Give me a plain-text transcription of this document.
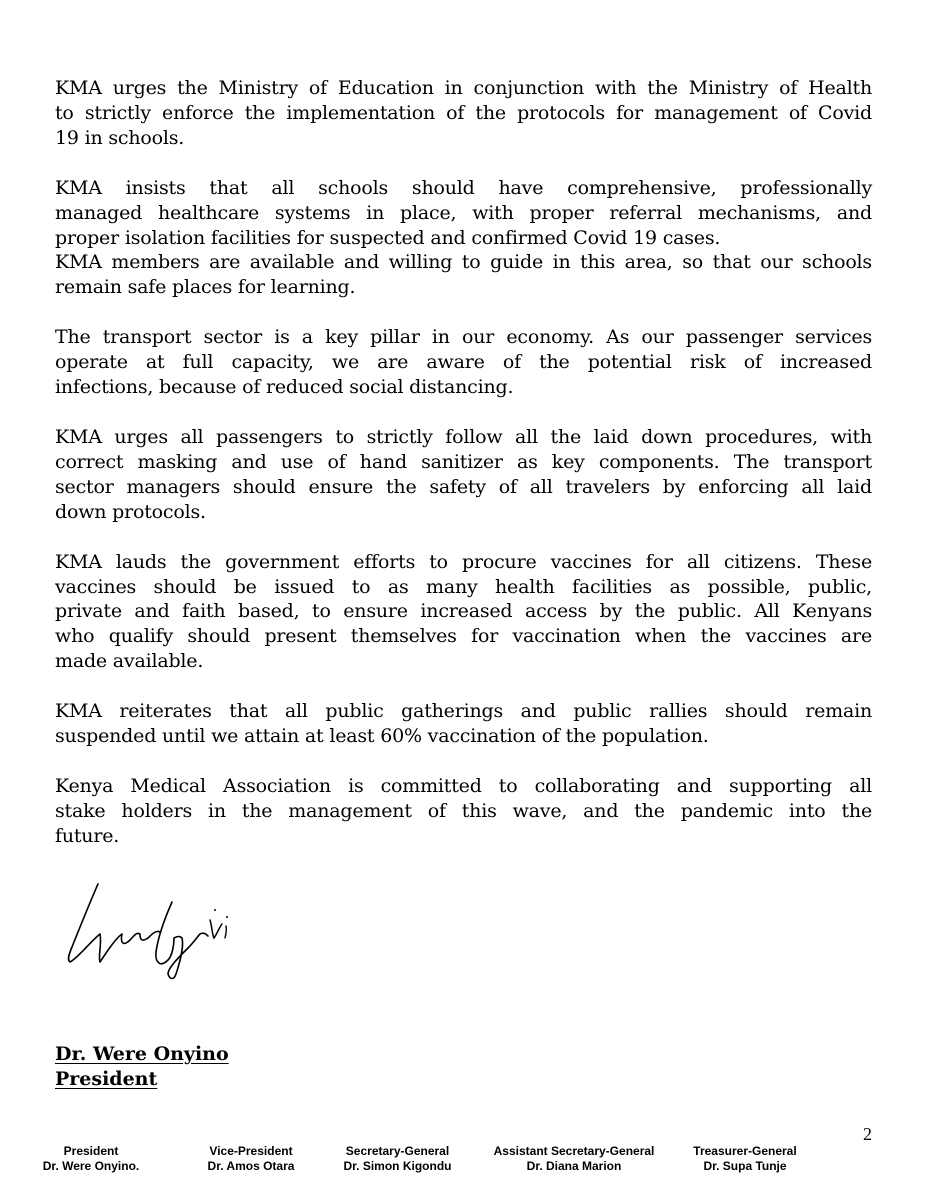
KMA urges the Ministry of Education in conjunction with the Ministry of Health
to strictly enforce the implementation of the protocols for management of Covid
19 in schools.

KMA insists that all schools should have comprehensive, professionally
managed healthcare systems in place, with proper referral mechanisms, and
proper isolation facilities for suspected and confirmed Covid 19 cases.
KMA members are available and willing to guide in this area, so that our schools
remain safe places for learning.

The transport sector is a key pillar in our economy. As our passenger services
operate at full capacity, we are aware of the potential risk of increased
infections, because of reduced social distancing.

KMA urges all passengers to strictly follow all the laid down procedures, with
correct masking and use of hand sanitizer as key components. The transport
sector managers should ensure the safety of all travelers by enforcing all laid
down protocols.

KMA lauds the government efforts to procure vaccines for all citizens. These
vaccines should be issued to as many health facilities as possible, public,
private and faith based, to ensure increased access by the public. All Kenyans
who qualify should present themselves for vaccination when the vaccines are
made available.

KMA reiterates that all public gatherings and public rallies should remain
suspended until we attain at least 60% vaccination of the population.

Kenya Medical Association is committed to collaborating and supporting all
stake holders in the management of this wave, and the pandemic into the
future.

Dr. Were Onyino
President
2
President
Dr. Were Onyino.
Vice-President
Dr. Amos Otara
Secretary-General
Dr. Simon Kigondu
Assistant Secretary-General
Dr. Diana Marion
Treasurer-General
Dr. Supa Tunje
